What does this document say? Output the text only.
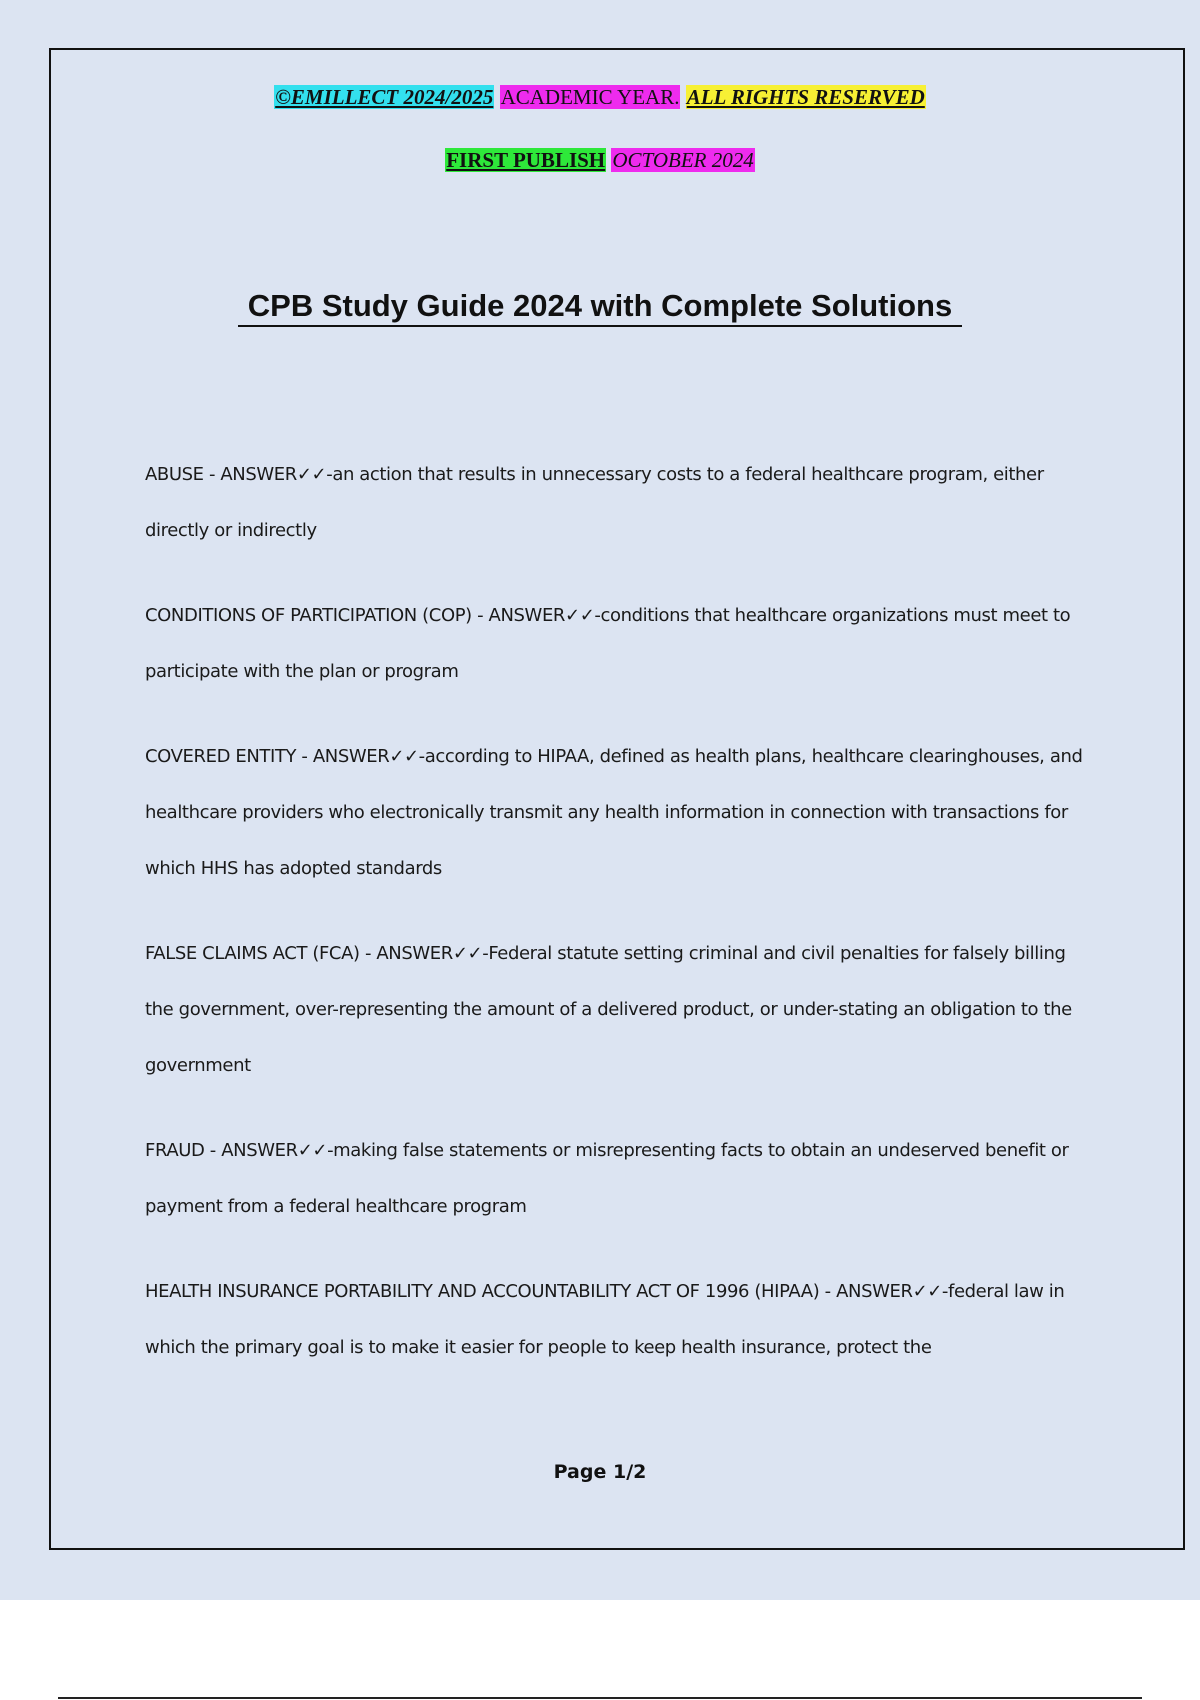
©EMILLECT 2024/2025 ACADEMIC YEAR. ALL RIGHTS RESERVED
FIRST PUBLISH OCTOBER 2024
CPB Study Guide 2024 with Complete Solutions

ABUSE - ANSWER✓✓-an action that results in unnecessary costs to a federal healthcare program, either directly or indirectly

CONDITIONS OF PARTICIPATION (COP) - ANSWER✓✓-conditions that healthcare organizations must meet to participate with the plan or program

COVERED ENTITY - ANSWER✓✓-according to HIPAA, defined as health plans, healthcare clearinghouses, and healthcare providers who electronically transmit any health information in connection with transactions for which HHS has adopted standards

FALSE CLAIMS ACT (FCA) - ANSWER✓✓-Federal statute setting criminal and civil penalties for falsely billing the government, over-representing the amount of a delivered product, or under-stating an obligation to the government

FRAUD - ANSWER✓✓-making false statements or misrepresenting facts to obtain an undeserved benefit or payment from a federal healthcare program

HEALTH INSURANCE PORTABILITY AND ACCOUNTABILITY ACT OF 1996 (HIPAA) - ANSWER✓✓-federal law in which the primary goal is to make it easier for people to keep health insurance, protect the

Page 1/2
